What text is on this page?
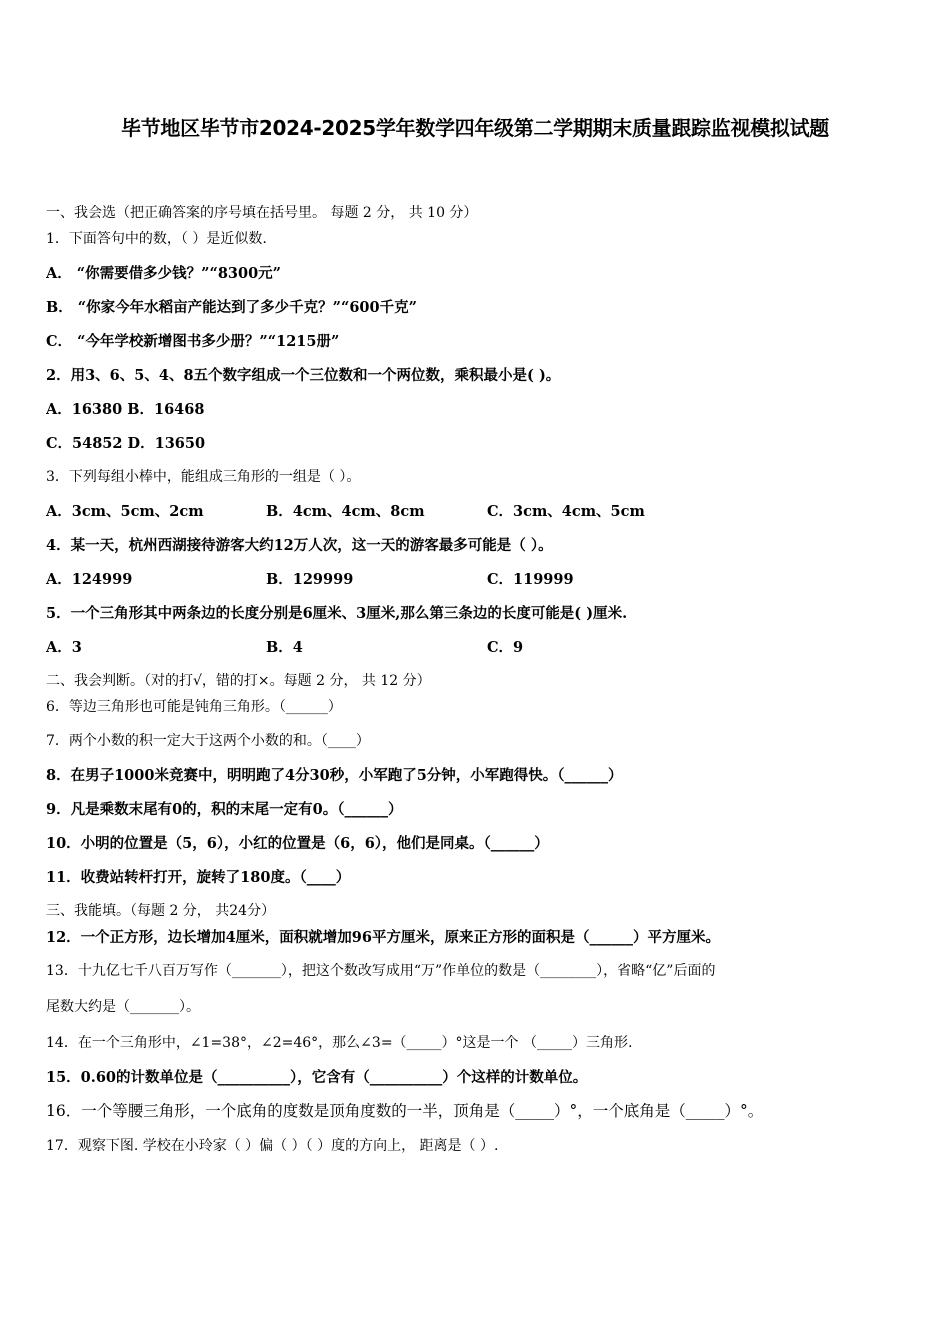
毕节地区毕节市2024-2025学年数学四年级第二学期期末质量跟踪监视模拟试题
一、我会选（把正确答案的序号填在括号里。 每题 2 分， 共 10 分）
1．下面答句中的数，（ ）是近似数.
A． “你需要借多少钱？”“8300元”
B． “你家今年水稻亩产能达到了多少千克？”“600千克”
C． “今年学校新增图书多少册？”“1215册”
2．用3、6、5、4、8五个数字组成一个三位数和一个两位数，乘积最小是( )。
A．16380 B．16468
C．54852 D．13650
3．下列每组小棒中，能组成三角形的一组是（ ）。
A．3cm、5cm、2cm	B．4cm、4cm、8cm	C．3cm、4cm、5cm
4．某一天，杭州西湖接待游客大约12万人次，这一天的游客最多可能是（ ）。
A．124999	B．129999	C．119999
5．一个三角形其中两条边的长度分别是6厘米、3厘米,那么第三条边的长度可能是( )厘米.
A．3	B．4	C．9
二、我会判断。（对的打√，错的打×。每题 2 分， 共 12 分）
6．等边三角形也可能是钝角三角形。（______）
7．两个小数的积一定大于这两个小数的和。（____）
8．在男子1000米竞赛中，明明跑了4分30秒，小军跑了5分钟，小军跑得快。（______）
9．凡是乘数末尾有0的，积的末尾一定有0。（______）
10．小明的位置是（5，6），小红的位置是（6，6），他们是同桌。（______）
11．收费站转杆打开，旋转了180度。（____）
三、我能填。（每题 2 分， 共24分）
12．一个正方形，边长增加4厘米，面积就增加96平方厘米，原来正方形的面积是（______）平方厘米。
13．十九亿七千八百万写作（_______），把这个数改写成用“万”作单位的数是（________），省略“亿”后面的
尾数大约是（_______）。
14．在一个三角形中，∠1=38°，∠2=46°，那么∠3=（_____）°这是一个 （_____）三角形.
15．0.60的计数单位是（__________），它含有（__________）个这样的计数单位。
16．一个等腰三角形，一个底角的度数是顶角度数的一半，顶角是（_____）°，一个底角是（_____）°。
17．观察下图. 学校在小玲家（ ）偏（ ）（ ）度的方向上， 距离是（ ）.
